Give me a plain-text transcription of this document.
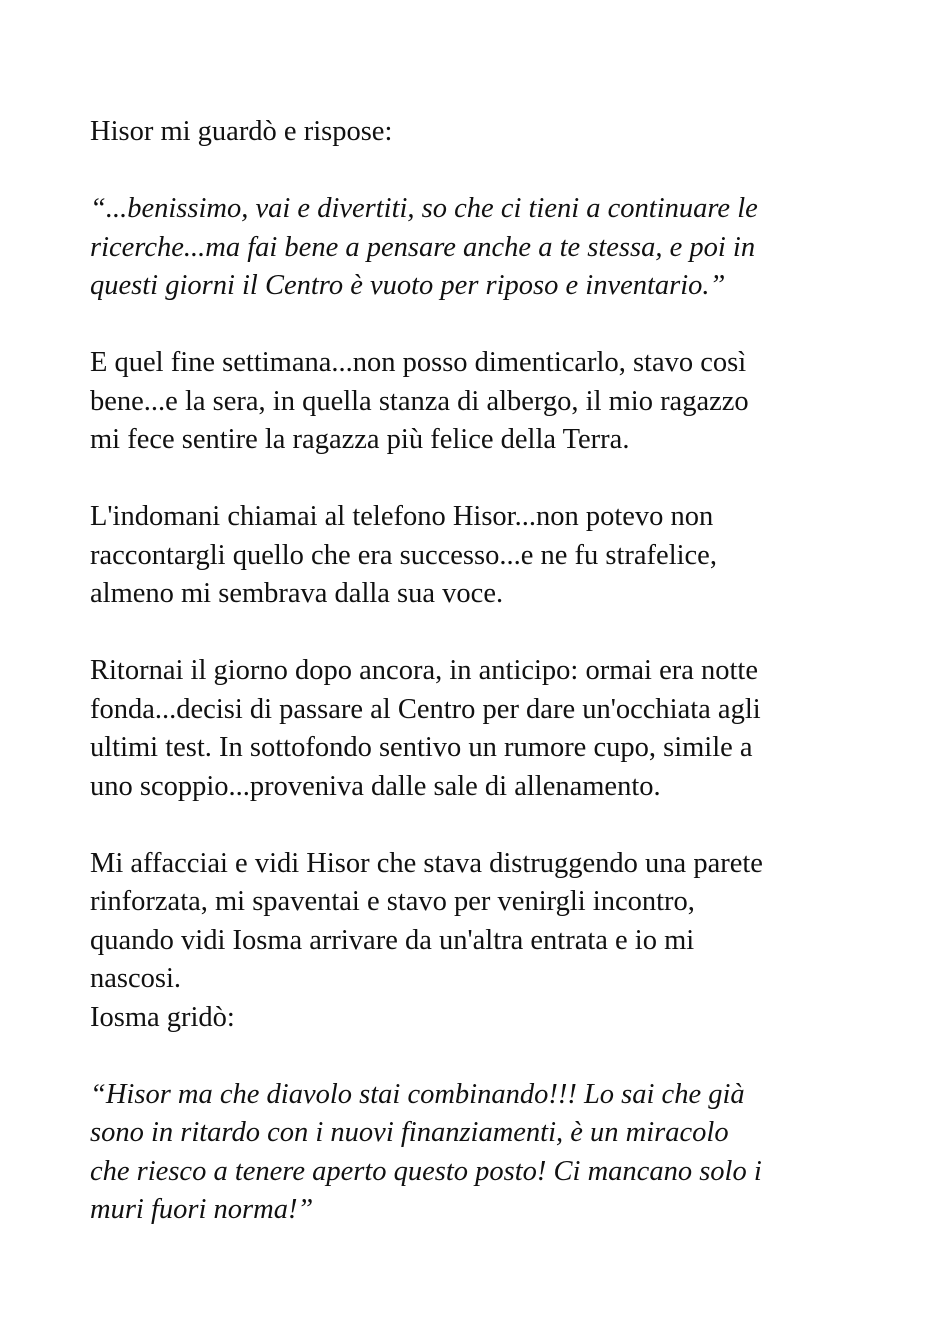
Hisor mi guardò e rispose:

“...benissimo, vai e divertiti, so che ci tieni a continuare le
ricerche...ma fai bene a pensare anche a te stessa, e poi in
questi giorni il Centro è vuoto per riposo e inventario.”

E quel fine settimana...non posso dimenticarlo, stavo così
bene...e la sera, in quella stanza di albergo, il mio ragazzo
mi fece sentire la ragazza più felice della Terra.

L'indomani chiamai al telefono Hisor...non potevo non
raccontargli quello che era successo...e ne fu strafelice,
almeno mi sembrava dalla sua voce.

Ritornai il giorno dopo ancora, in anticipo: ormai era notte
fonda...decisi di passare al Centro per dare un'occhiata agli
ultimi test. In sottofondo sentivo un rumore cupo, simile a
uno scoppio...proveniva dalle sale di allenamento.

Mi affacciai e vidi Hisor che stava distruggendo una parete
rinforzata, mi spaventai e stavo per venirgli incontro,
quando vidi Iosma arrivare da un'altra entrata e io mi
nascosi.

Iosma gridò:

“Hisor ma che diavolo stai combinando!!! Lo sai che già
sono in ritardo con i nuovi finanziamenti, è un miracolo
che riesco a tenere aperto questo posto! Ci mancano solo i
muri fuori norma!”
